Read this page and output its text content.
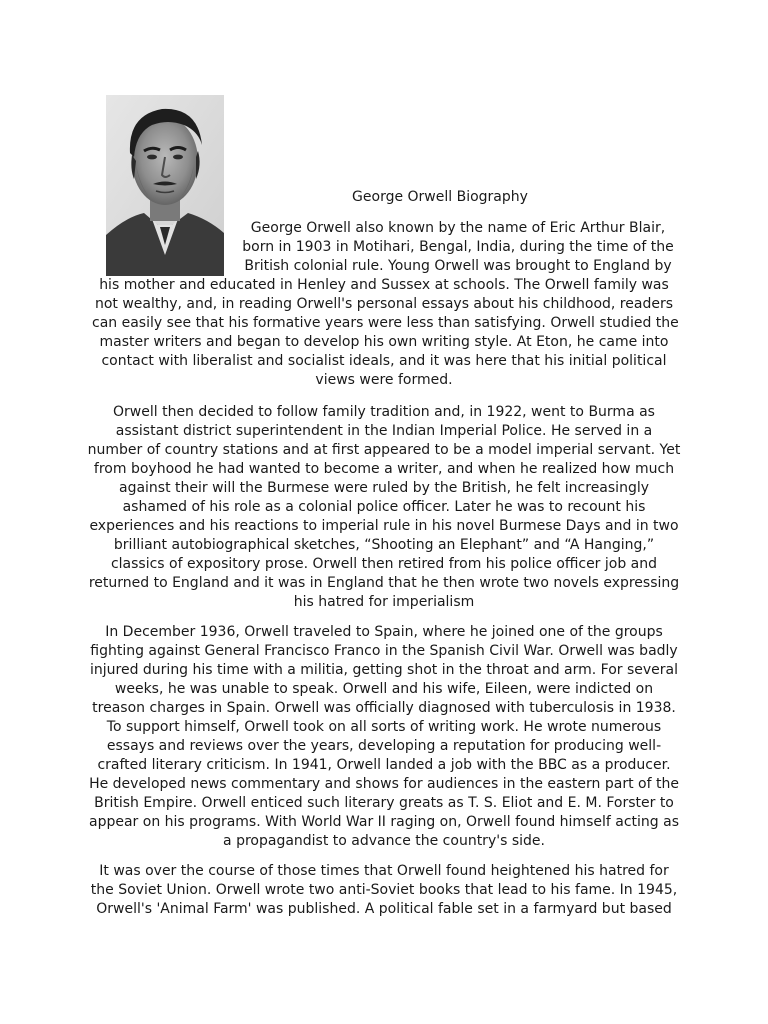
George Orwell Biography

George Orwell also known by the name of Eric Arthur Blair,
born in 1903 in Motihari, Bengal, India, during the time of the
British colonial rule. Young Orwell was brought to England by

his mother and educated in Henley and Sussex at schools. The Orwell family was
not wealthy, and, in reading Orwell's personal essays about his childhood, readers
can easily see that his formative years were less than satisfying. Orwell studied the
master writers and began to develop his own writing style. At Eton, he came into
contact with liberalist and socialist ideals, and it was here that his initial political
views were formed.

Orwell then decided to follow family tradition and, in 1922, went to Burma as
assistant district superintendent in the Indian Imperial Police. He served in a
number of country stations and at first appeared to be a model imperial servant. Yet
from boyhood he had wanted to become a writer, and when he realized how much
against their will the Burmese were ruled by the British, he felt increasingly
ashamed of his role as a colonial police officer. Later he was to recount his
experiences and his reactions to imperial rule in his novel Burmese Days and in two
brilliant autobiographical sketches, “Shooting an Elephant” and “A Hanging,”
classics of expository prose. Orwell then retired from his police officer job and
returned to England and it was in England that he then wrote two novels expressing
his hatred for imperialism

In December 1936, Orwell traveled to Spain, where he joined one of the groups
fighting against General Francisco Franco in the Spanish Civil War. Orwell was badly
injured during his time with a militia, getting shot in the throat and arm. For several
weeks, he was unable to speak. Orwell and his wife, Eileen, were indicted on
treason charges in Spain. Orwell was officially diagnosed with tuberculosis in 1938.
To support himself, Orwell took on all sorts of writing work. He wrote numerous
essays and reviews over the years, developing a reputation for producing well-
crafted literary criticism. In 1941, Orwell landed a job with the BBC as a producer.
He developed news commentary and shows for audiences in the eastern part of the
British Empire. Orwell enticed such literary greats as T. S. Eliot and E. M. Forster to
appear on his programs. With World War II raging on, Orwell found himself acting as
a propagandist to advance the country's side.

It was over the course of those times that Orwell found heightened his hatred for
the Soviet Union. Orwell wrote two anti-Soviet books that lead to his fame. In 1945,
Orwell's 'Animal Farm' was published. A political fable set in a farmyard but based
